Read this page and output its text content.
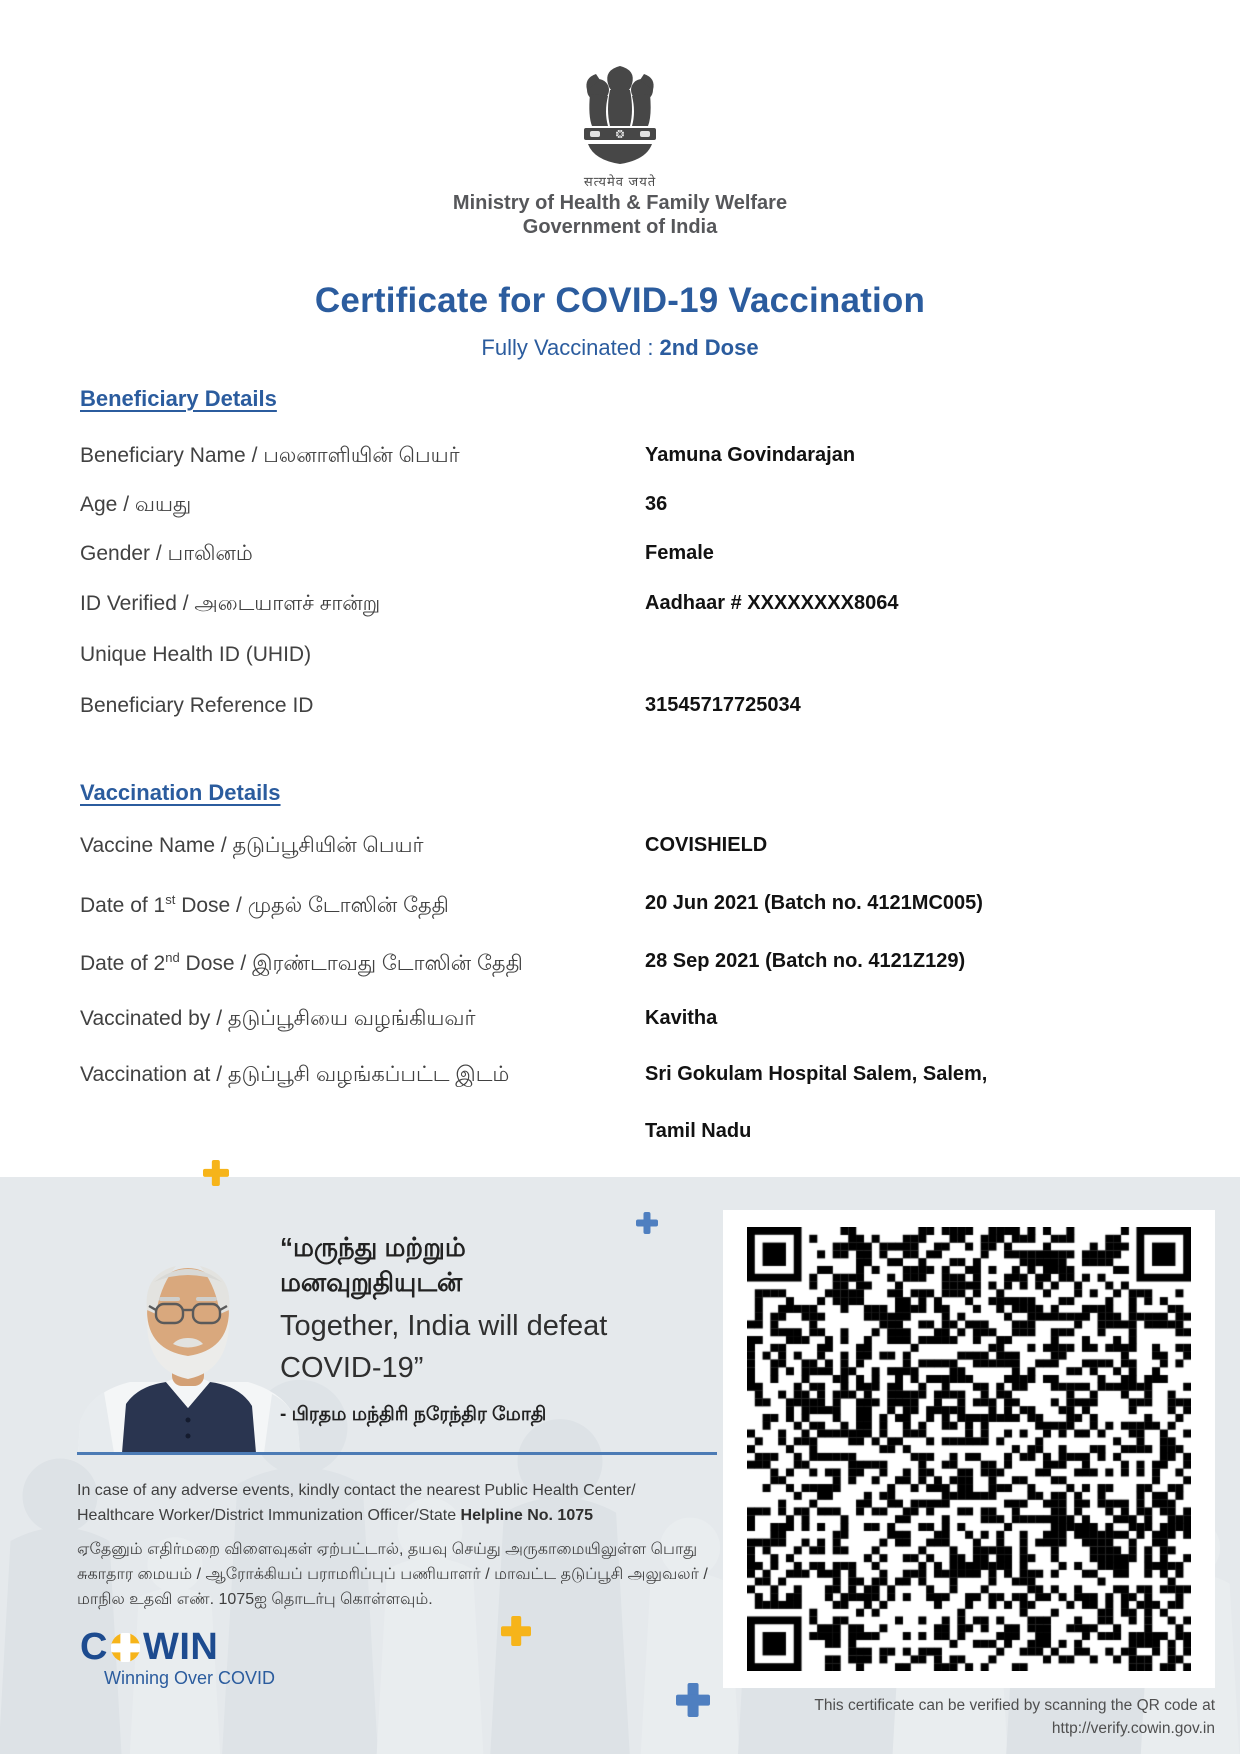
सत्यमेव जयते
Ministry of Health & Family Welfare
Government of India
Certificate for COVID-19 Vaccination
Fully Vaccinated : 2nd Dose
Beneficiary Details
Beneficiary Name / பலனாளியின் பெயர்	Yamuna Govindarajan
Age / வயது	36
Gender / பாலினம்	Female
ID Verified / அடையாளச் சான்று	Aadhaar # XXXXXXXX8064
Unique Health ID (UHID)
Beneficiary Reference ID	31545717725034
Vaccination Details
Vaccine Name / தடுப்பூசியின் பெயர்	COVISHIELD
Date of 1st Dose / முதல் டோஸின் தேதி	20 Jun 2021 (Batch no. 4121MC005)
Date of 2nd Dose / இரண்டாவது டோஸின் தேதி	28 Sep 2021 (Batch no. 4121Z129)
Vaccinated by / தடுப்பூசியை வழங்கியவர்	Kavitha
Vaccination at / தடுப்பூசி வழங்கப்பட்ட இடம்	Sri Gokulam Hospital Salem, Salem,
Tamil Nadu
“மருந்து மற்றும்
மனவுறுதியுடன்
Together, India will defeat
COVID-19”
- பிரதம மந்திரி நரேந்திர மோதி
In case of any adverse events, kindly contact the nearest Public Health Center/
Healthcare Worker/District Immunization Officer/State Helpline No. 1075
ஏதேனும் எதிர்மறை விளைவுகள் ஏற்பட்டால், தயவு செய்து அருகாமையிலுள்ள பொது
சுகாதார மையம் / ஆரோக்கியப் பராமரிப்புப் பணியாளர் / மாவட்ட தடுப்பூசி அலுவலர் /
மாநில உதவி எண். 1075ஐ தொடர்பு கொள்ளவும்.
C WIN
Winning Over COVID
This certificate can be verified by scanning the QR code at
http://verify.cowin.gov.in
